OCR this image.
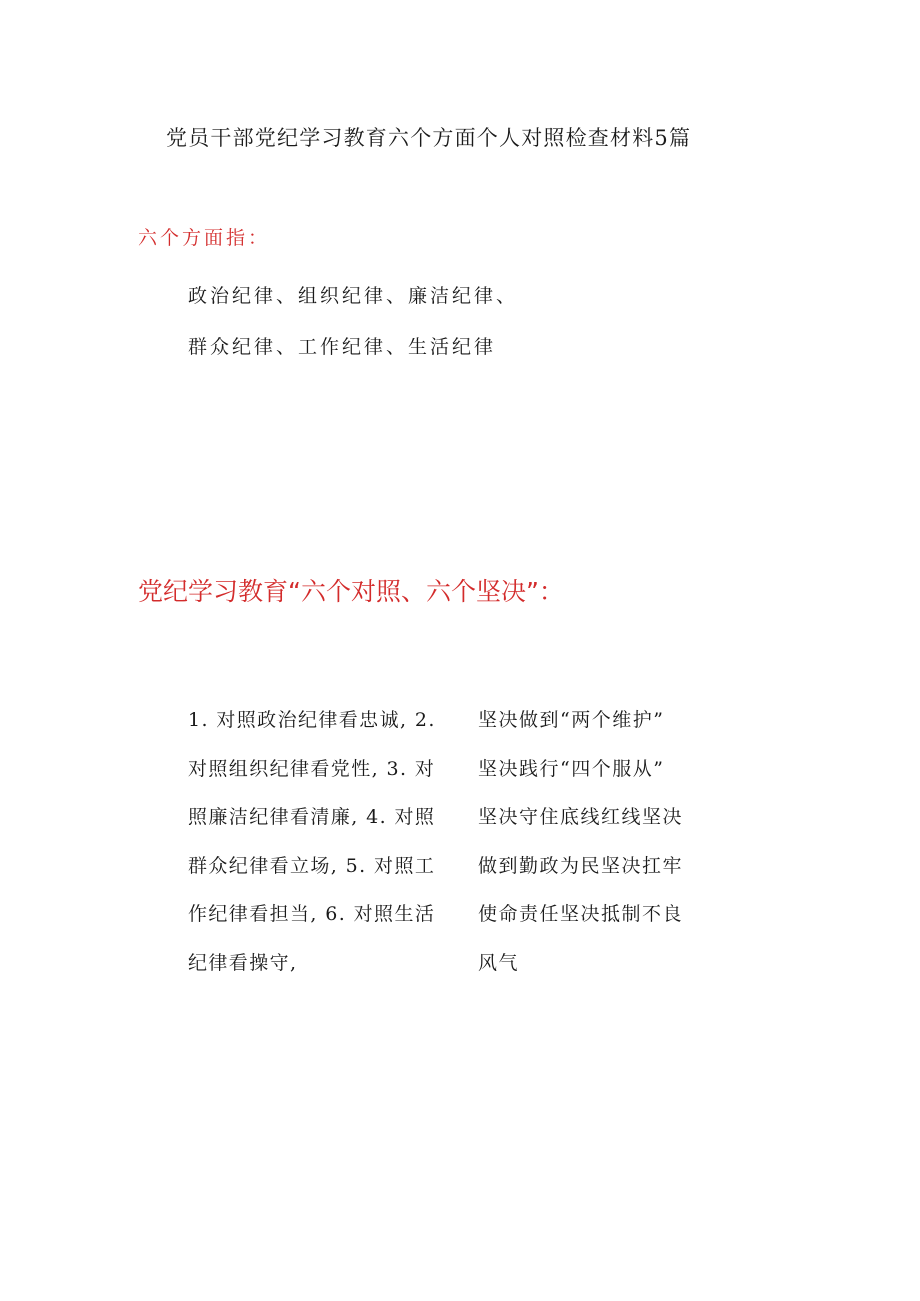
党员干部党纪学习教育六个方面个人对照检查材料5篇
六个方面指：
政治纪律、组织纪律、廉洁纪律、
群众纪律、工作纪律、生活纪律
党纪学习教育“六个对照、六个坚决”：
1. 对照政治纪律看忠诚, 2.
对照组织纪律看党性, 3. 对
照廉洁纪律看清廉, 4. 对照
群众纪律看立场, 5. 对照工
作纪律看担当, 6. 对照生活
纪律看操守,
坚决做到“两个维护”
坚决践行“四个服从”
坚决守住底线红线坚决
做到勤政为民坚决扛牢
使命责任坚决抵制不良
风气
